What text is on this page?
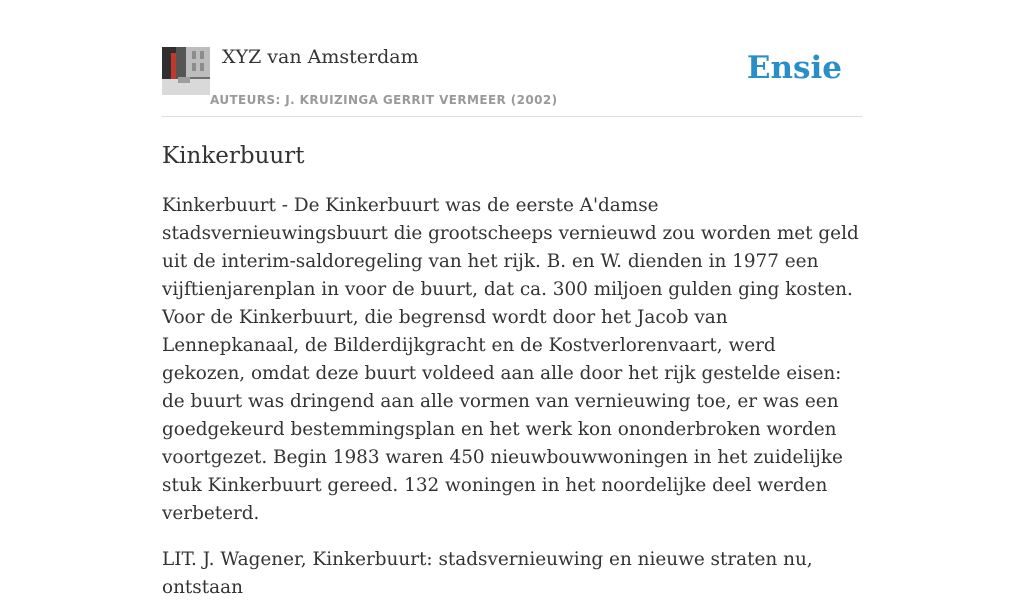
XYZ van Amsterdam
AUTEURS: J. KRUIZINGA GERRIT VERMEER (2002)
Ensie
Kinkerbuurt

Kinkerbuurt - De Kinkerbuurt was de eerste A'damse stadsvernieuwingsbuurt die grootscheeps vernieuwd zou worden met geld uit de interim-saldoregeling van het rijk. B. en W. dienden in 1977 een vijftienjarenplan in voor de buurt, dat ca. 300 miljoen gulden ging kosten. Voor de Kinkerbuurt, die begrensd wordt door het Jacob van Lennepkanaal, de Bilderdijkgracht en de Kostverlorenvaart, werd gekozen, omdat deze buurt voldeed aan alle door het rijk gestelde eisen: de buurt was dringend aan alle vormen van vernieuwing toe, er was een goedgekeurd bestemmingsplan en het werk kon ononderbroken worden voortgezet. Begin 1983 waren 450 nieuwbouwwoningen in het zuidelijke stuk Kinkerbuurt gereed. 132 woningen in het noordelijke deel werden verbeterd.

LIT. J. Wagener, Kinkerbuurt: stadsvernieuwing en nieuwe straten nu, ontstaan
